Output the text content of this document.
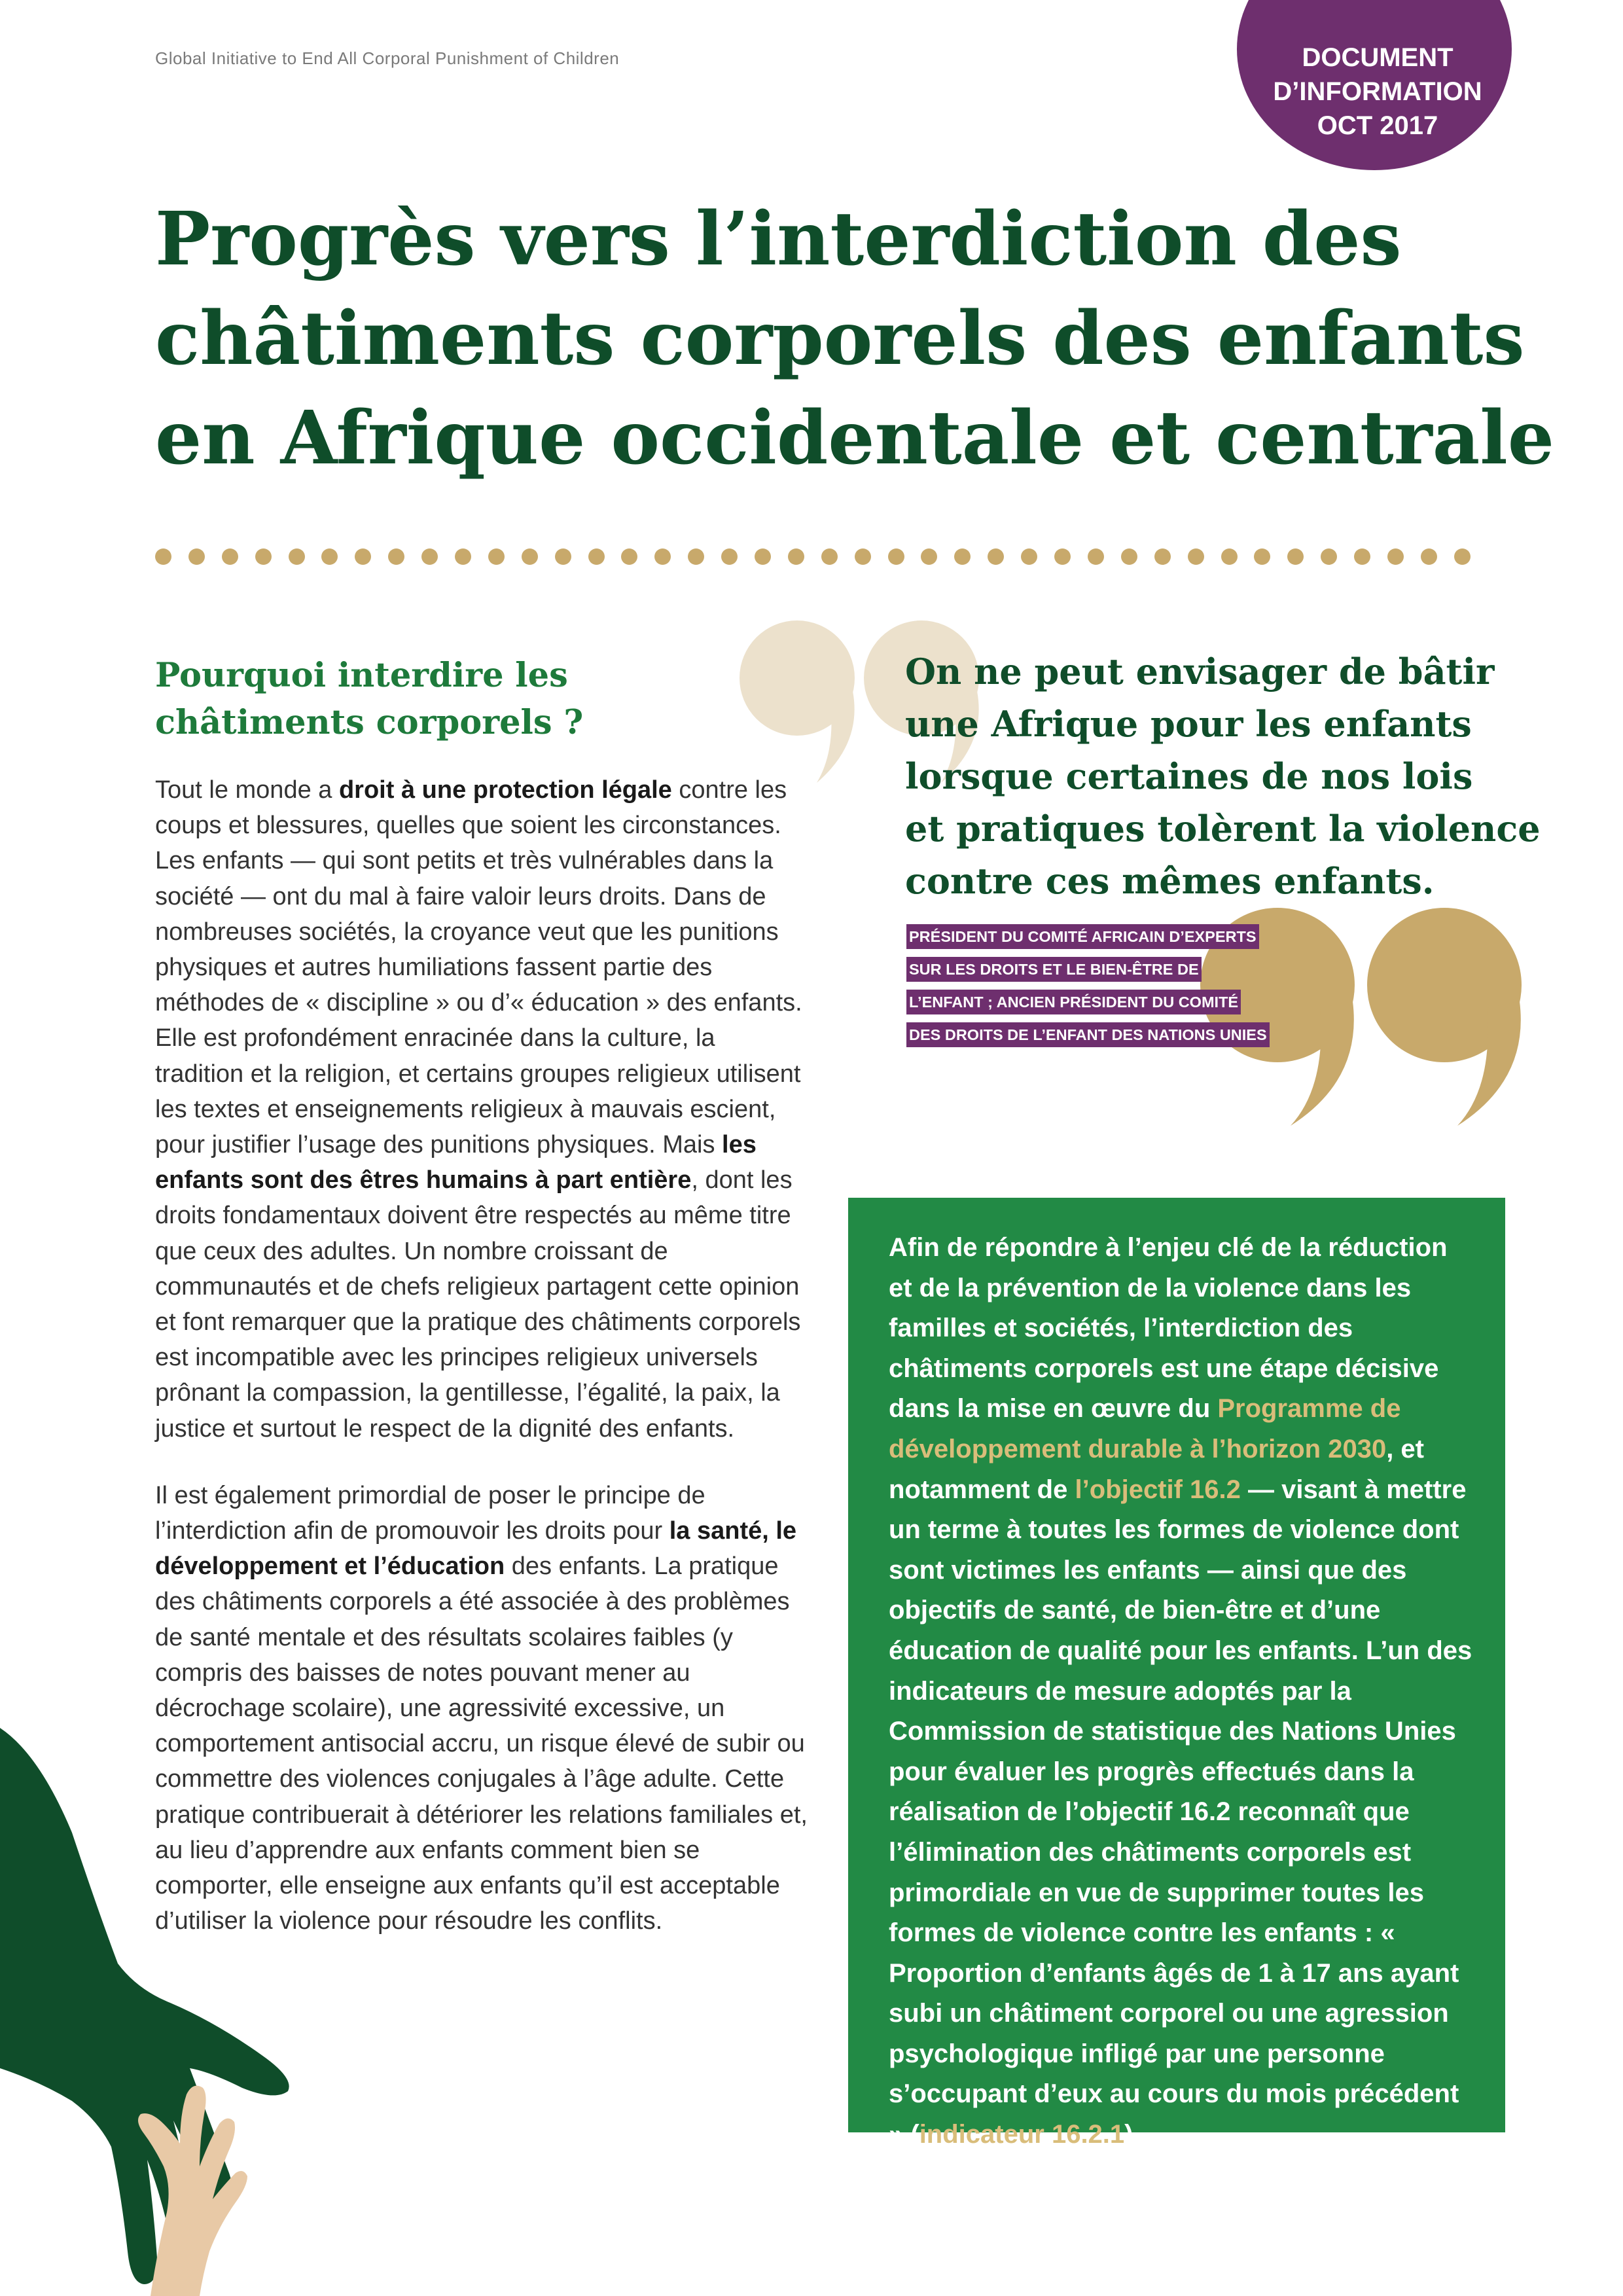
Global Initiative to End All Corporal Punishment of Children	DOCUMENT
D’INFORMATION
OCT 2017
Progrès vers l’interdiction des
châtiments corporels des enfants
en Afrique occidentale et centrale
Pourquoi interdire les
châtiments corporels ?

Tout le monde a droit à une protection légale contre les coups et blessures, quelles que soient les circonstances. Les enfants — qui sont petits et très vulnérables dans la société — ont du mal à faire valoir leurs droits. Dans de nombreuses sociétés, la croyance veut que les punitions physiques et autres humiliations fassent partie des méthodes de « discipline » ou d’« éducation » des enfants. Elle est profondément enracinée dans la culture, la tradition et la religion, et certains groupes religieux utilisent les textes et enseignements religieux à mauvais escient, pour justifier l’usage des punitions physiques. Mais les enfants sont des êtres humains à part entière, dont les droits fondamentaux doivent être respectés au même titre que ceux des adultes. Un nombre croissant de communautés et de chefs religieux partagent cette opinion et font remarquer que la pratique des châtiments corporels est incompatible avec les principes religieux universels prônant la compassion, la gentillesse, l’égalité, la paix, la justice et surtout le respect de la dignité des enfants.

Il est également primordial de poser le principe de l’interdiction afin de promouvoir les droits pour la santé, le développement et l’éducation des enfants. La pratique des châtiments corporels a été associée à des problèmes de santé mentale et des résultats scolaires faibles (y compris des baisses de notes pouvant mener au décrochage scolaire), une agressivité excessive, un comportement antisocial accru, un risque élevé de subir ou commettre des violences conjugales à l’âge adulte. Cette pratique contribuerait à détériorer les relations familiales et, au lieu d’apprendre aux enfants comment bien se comporter, elle enseigne aux enfants qu’il est acceptable d’utiliser la violence pour résoudre les conflits.

On ne peut envisager de bâtir
une Afrique pour les enfants
lorsque certaines de nos lois
et pratiques tolèrent la violence
contre ces mêmes enfants.
PRÉSIDENT DU COMITÉ AFRICAIN D’EXPERTS
SUR LES DROITS ET LE BIEN-ÊTRE DE
L’ENFANT ; ANCIEN PRÉSIDENT DU COMITÉ
DES DROITS DE L’ENFANT DES NATIONS UNIES
Afin de répondre à l’enjeu clé de la réduction et de la prévention de la violence dans les familles et sociétés, l’interdiction des châtiments corporels est une étape décisive dans la mise en œuvre du Programme de développement durable à l’horizon 2030, et notamment de l’objectif 16.2 — visant à mettre un terme à toutes les formes de violence dont sont victimes les enfants — ainsi que des objectifs de santé, de bien-être et d’une éducation de qualité pour les enfants. L’un des indicateurs de mesure adoptés par la Commission de statistique des Nations Unies pour évaluer les progrès effectués dans la réalisation de l’objectif 16.2 reconnaît que l’élimination des châtiments corporels est primordiale en vue de supprimer toutes les formes de violence contre les enfants : « Proportion d’enfants âgés de 1 à 17 ans ayant subi un châtiment corporel ou une agression psychologique infligé par une personne s’occupant d’eux au cours du mois précédent » (indicateur 16.2.1).
